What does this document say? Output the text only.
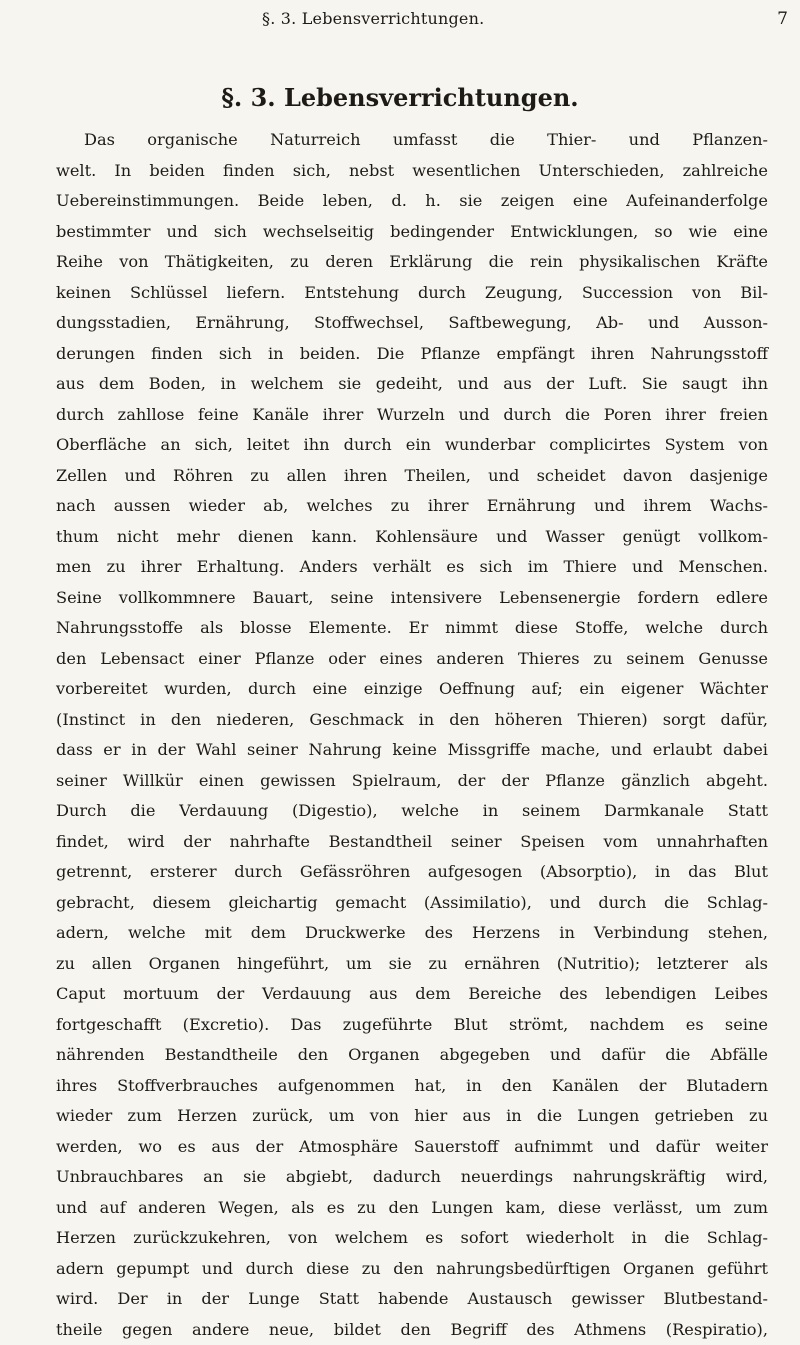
§. 3. Lebensverrichtungen.	7
§. 3. Lebensverrichtungen.
Das organische Naturreich umfasst die Thier- und Pflanzen-
welt. In beiden finden sich, nebst wesentlichen Unterschieden, zahlreiche
Uebereinstimmungen. Beide leben, d. h. sie zeigen eine Aufeinanderfolge
bestimmter und sich wechselseitig bedingender Entwicklungen, so wie eine
Reihe von Thätigkeiten, zu deren Erklärung die rein physikalischen Kräfte
keinen Schlüssel liefern. Entstehung durch Zeugung, Succession von Bil-
dungsstadien, Ernährung, Stoffwechsel, Saftbewegung, Ab- und Ausson-
derungen finden sich in beiden. Die Pflanze empfängt ihren Nahrungsstoff
aus dem Boden, in welchem sie gedeiht, und aus der Luft. Sie saugt ihn
durch zahllose feine Kanäle ihrer Wurzeln und durch die Poren ihrer freien
Oberfläche an sich, leitet ihn durch ein wunderbar complicirtes System von
Zellen und Röhren zu allen ihren Theilen, und scheidet davon dasjenige
nach aussen wieder ab, welches zu ihrer Ernährung und ihrem Wachs-
thum nicht mehr dienen kann. Kohlensäure und Wasser genügt vollkom-
men zu ihrer Erhaltung. Anders verhält es sich im Thiere und Menschen.
Seine vollkommnere Bauart, seine intensivere Lebensenergie fordern edlere
Nahrungsstoffe als blosse Elemente. Er nimmt diese Stoffe, welche durch
den Lebensact einer Pflanze oder eines anderen Thieres zu seinem Genusse
vorbereitet wurden, durch eine einzige Oeffnung auf; ein eigener Wächter
(Instinct in den niederen, Geschmack in den höheren Thieren) sorgt dafür,
dass er in der Wahl seiner Nahrung keine Missgriffe mache, und erlaubt dabei
seiner Willkür einen gewissen Spielraum, der der Pflanze gänzlich abgeht.
Durch die Verdauung (Digestio), welche in seinem Darmkanale Statt
findet, wird der nahrhafte Bestandtheil seiner Speisen vom unnahrhaften
getrennt, ersterer durch Gefässröhren aufgesogen (Absorptio), in das Blut
gebracht, diesem gleichartig gemacht (Assimilatio), und durch die Schlag-
adern, welche mit dem Druckwerke des Herzens in Verbindung stehen,
zu allen Organen hingeführt, um sie zu ernähren (Nutritio); letzterer als
Caput mortuum der Verdauung aus dem Bereiche des lebendigen Leibes
fortgeschafft (Excretio). Das zugeführte Blut strömt, nachdem es seine
nährenden Bestandtheile den Organen abgegeben und dafür die Abfälle
ihres Stoffverbrauches aufgenommen hat, in den Kanälen der Blutadern
wieder zum Herzen zurück, um von hier aus in die Lungen getrieben zu
werden, wo es aus der Atmosphäre Sauerstoff aufnimmt und dafür weiter
Unbrauchbares an sie abgiebt, dadurch neuerdings nahrungskräftig wird,
und auf anderen Wegen, als es zu den Lungen kam, diese verlässt, um zum
Herzen zurückzukehren, von welchem es sofort wiederholt in die Schlag-
adern gepumpt und durch diese zu den nahrungsbedürftigen Organen geführt
wird. Der in der Lunge Statt habende Austausch gewisser Blutbestand-
theile gegen andere neue, bildet den Begriff des Athmens (Respiratio),
